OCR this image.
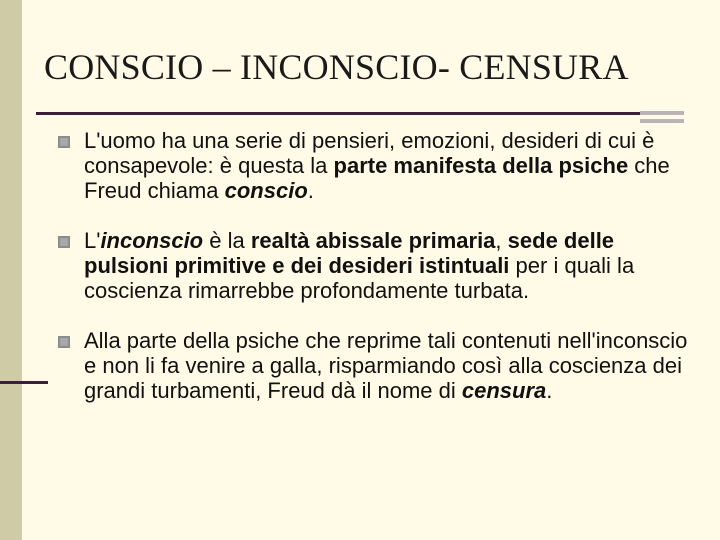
CONSCIO – INCONSCIO- CENSURA
L'uomo ha una serie di pensieri, emozioni, desideri di cui è consapevole: è questa la parte manifesta della psiche che Freud chiama conscio.
L'inconscio è la realtà abissale primaria, sede delle pulsioni primitive e dei desideri istintuali per i quali la coscienza rimarrebbe profondamente turbata.
Alla parte della psiche che reprime tali contenuti nell'inconscio e non li fa venire a galla, risparmiando così alla coscienza dei grandi turbamenti, Freud dà il nome di censura.
